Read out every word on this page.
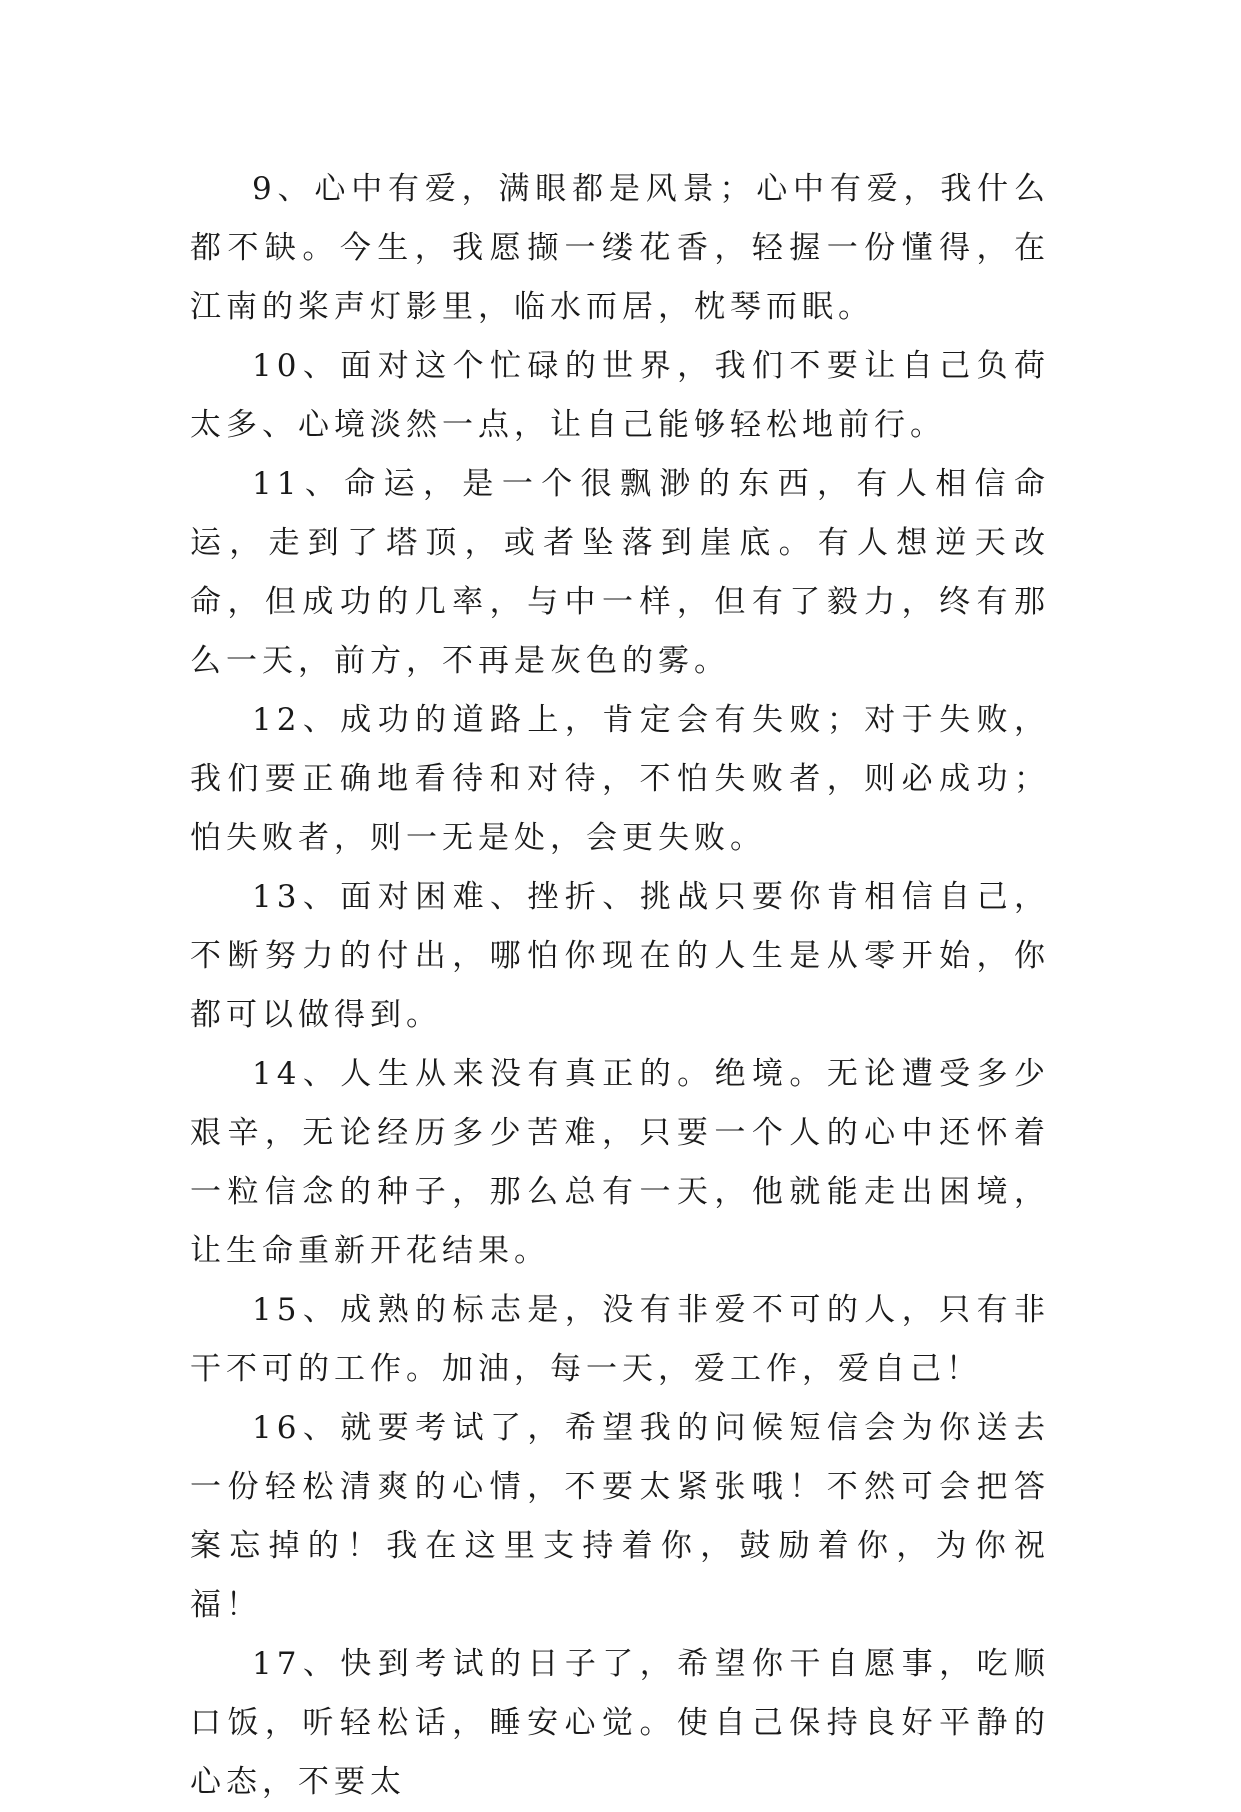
9、心中有爱，满眼都是风景；心中有爱，我什么都不缺。今生，我愿撷一缕花香，轻握一份懂得，在江南的桨声灯影里，临水而居，枕琴而眠。

10、面对这个忙碌的世界，我们不要让自己负荷太多、心境淡然一点，让自己能够轻松地前行。

11、命运，是一个很飘渺的东西，有人相信命运，走到了塔顶，或者坠落到崖底。有人想逆天改命，但成功的几率，与中一样，但有了毅力，终有那么一天，前方，不再是灰色的雾。

12、成功的道路上，肯定会有失败；对于失败，我们要正确地看待和对待，不怕失败者，则必成功；怕失败者，则一无是处，会更失败。

13、面对困难、挫折、挑战只要你肯相信自己，不断努力的付出，哪怕你现在的人生是从零开始，你都可以做得到。

14、人生从来没有真正的。绝境。无论遭受多少艰辛，无论经历多少苦难，只要一个人的心中还怀着一粒信念的种子，那么总有一天，他就能走出困境，让生命重新开花结果。

15、成熟的标志是，没有非爱不可的人，只有非干不可的工作。加油，每一天，爱工作，爱自己！

16、就要考试了，希望我的问候短信会为你送去一份轻松清爽的心情，不要太紧张哦！不然可会把答案忘掉的！我在这里支持着你，鼓励着你，为你祝福！

17、快到考试的日子了，希望你干自愿事，吃顺口饭，听轻松话，睡安心觉。使自己保持良好平静的心态，不要太
